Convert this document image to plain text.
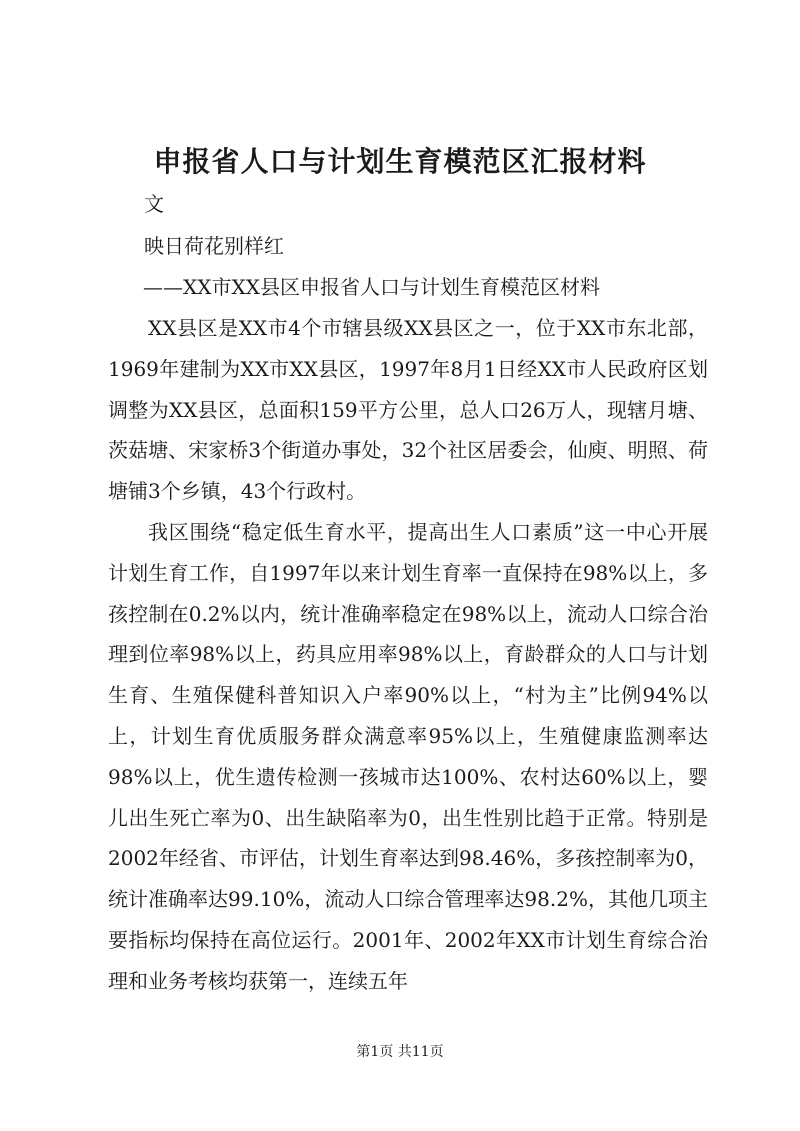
申报省人口与计划生育模范区汇报材料
文
映日荷花别样红
——XX市XX县区申报省人口与计划生育模范区材料
XX县区是XX市4个市辖县级XX县区之一，位于XX市东北部，1969年建制为XX市XX县区，1997年8月1日经XX市人民政府区划调整为XX县区，总面积159平方公里，总人口26万人，现辖月塘、茨菇塘、宋家桥3个街道办事处，32个社区居委会，仙庾、明照、荷塘铺3个乡镇，43个行政村。
我区围绕“稳定低生育水平，提高出生人口素质”这一中心开展计划生育工作，自1997年以来计划生育率一直保持在98%以上，多孩控制在0.2%以内，统计准确率稳定在98%以上，流动人口综合治理到位率98%以上，药具应用率98%以上，育龄群众的人口与计划生育、生殖保健科普知识入户率90%以上，“村为主”比例94%以上，计划生育优质服务群众满意率95%以上，生殖健康监测率达98%以上，优生遗传检测一孩城市达100%、农村达60%以上，婴儿出生死亡率为0、出生缺陷率为0，出生性别比趋于正常。特别是2002年经省、市评估，计划生育率达到98.46%，多孩控制率为0，统计准确率达99.10%，流动人口综合管理率达98.2%，其他几项主要指标均保持在高位运行。2001年、2002年XX市计划生育综合治理和业务考核均获第一，连续五年
第1页 共11页
